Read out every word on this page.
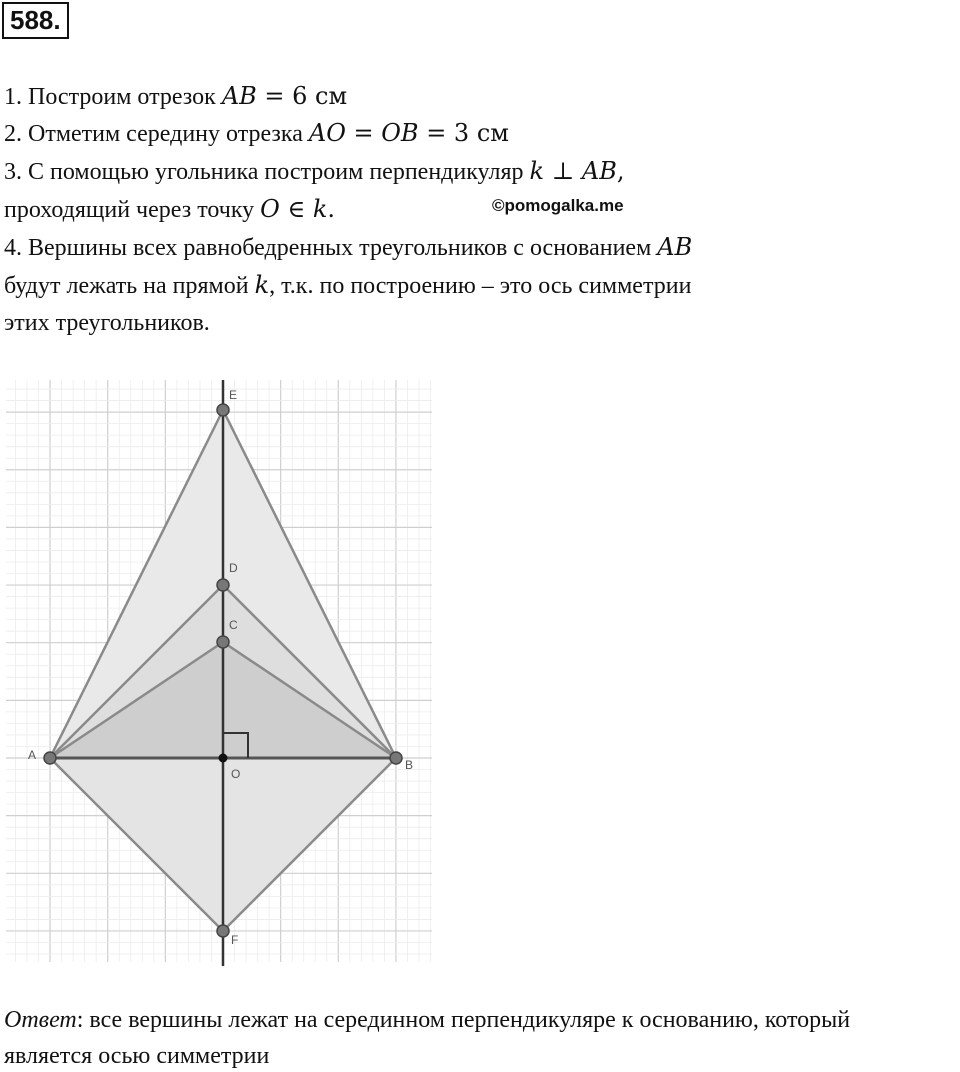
588.
1. Построим отрезок AB = 6 см
2. Отметим середину отрезка AO = OB = 3 см
3. С помощью угольника построим перпендикуляр k ⊥ AB,
проходящий через точку O ∈ k.	©pomogalka.me
4. Вершины всех равнобедренных треугольников с основанием AB
будут лежать на прямой k, т.к. по построению – это ось симметрии
этих треугольников.
E
D
C
A
B
O
F
Ответ: все вершины лежат на серединном перпендикуляре к основанию, который
является осью симметрии
